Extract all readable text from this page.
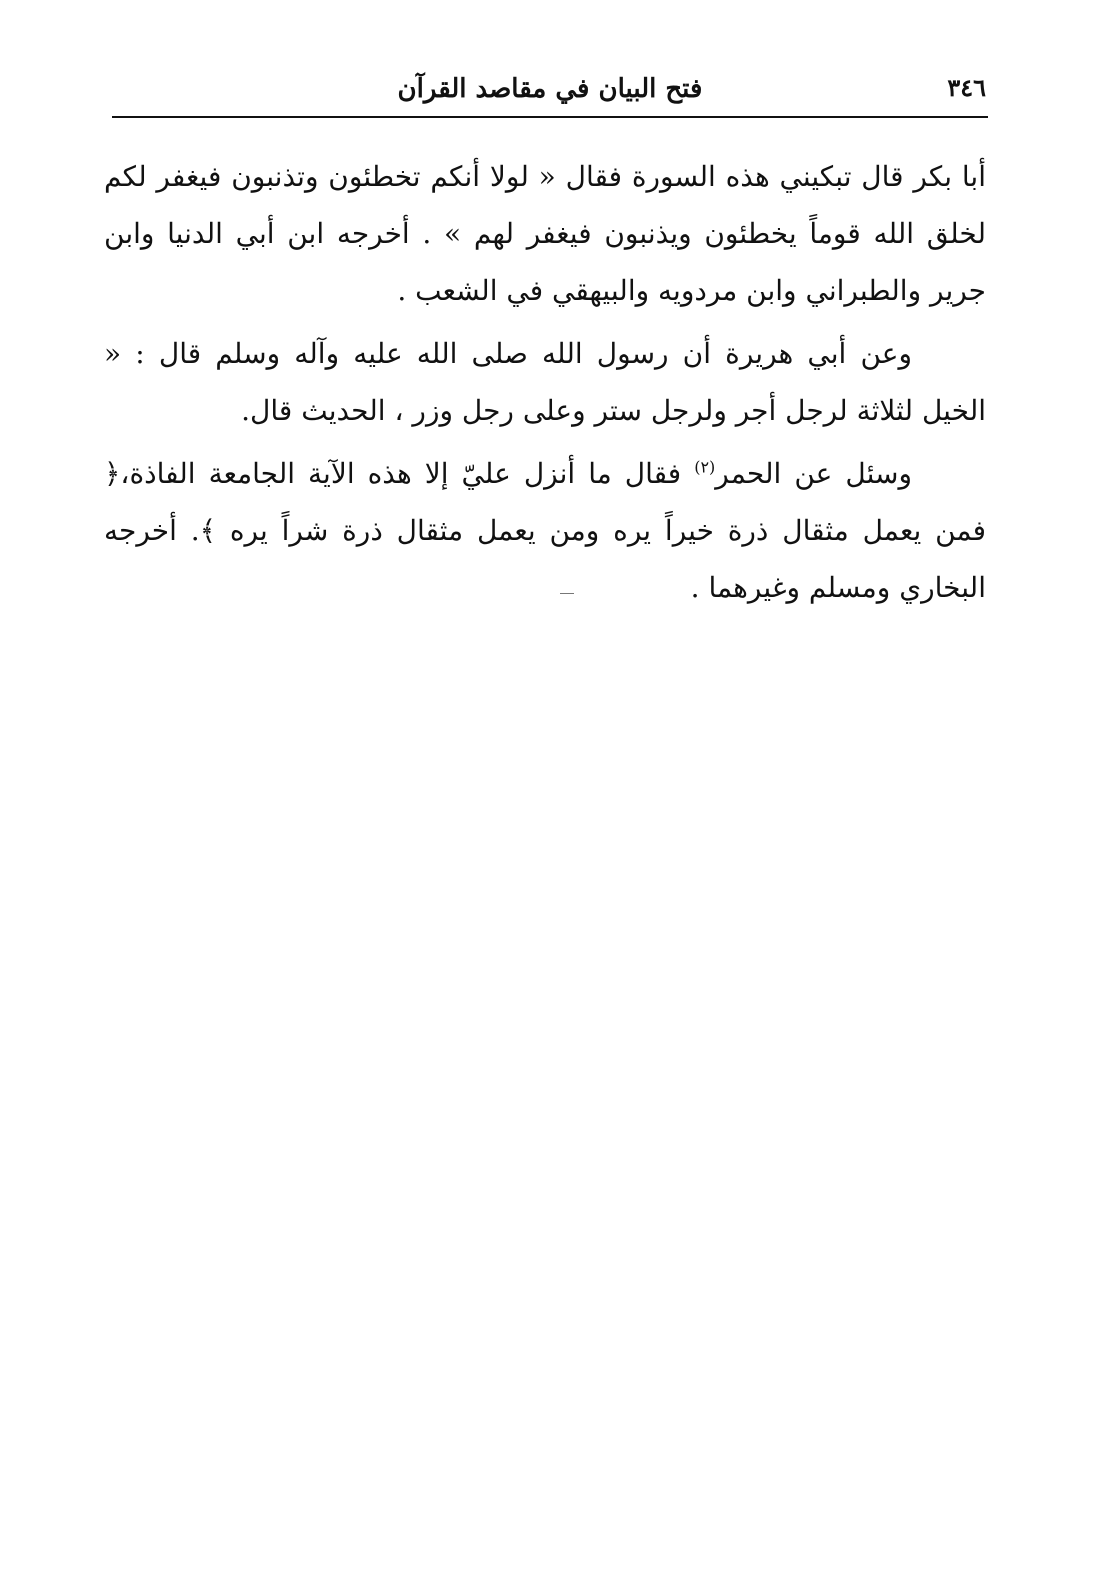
٣٤٦
فتح البيان في مقاصد القرآن

أبا بكر قال تبكيني هذه السورة فقال « لولا أنكم تخطئون وتذنبون فيغفر لكم لخلق الله قوماً يخطئون ويذنبون فيغفر لهم » . أخرجه ابن أبي الدنيا وابن جرير والطبراني وابن مردويه والبيهقي في الشعب .

وعن أبي هريرة أن رسول الله صلى الله عليه وآله وسلم قال : « الخيل لثلاثة لرجل أجر ولرجل ستر وعلى رجل وزر ، الحديث قال.

وسئل عن الحمر$^{(٢)}$ فقال ما أنزل عليّ إلا هذه الآية الجامعة الفاذة،﴿ فمن يعمل مثقال ذرة خيراً يره ومن يعمل مثقال ذرة شراً يره ﴾. أخرجه البخاري ومسلم وغيرهما .
